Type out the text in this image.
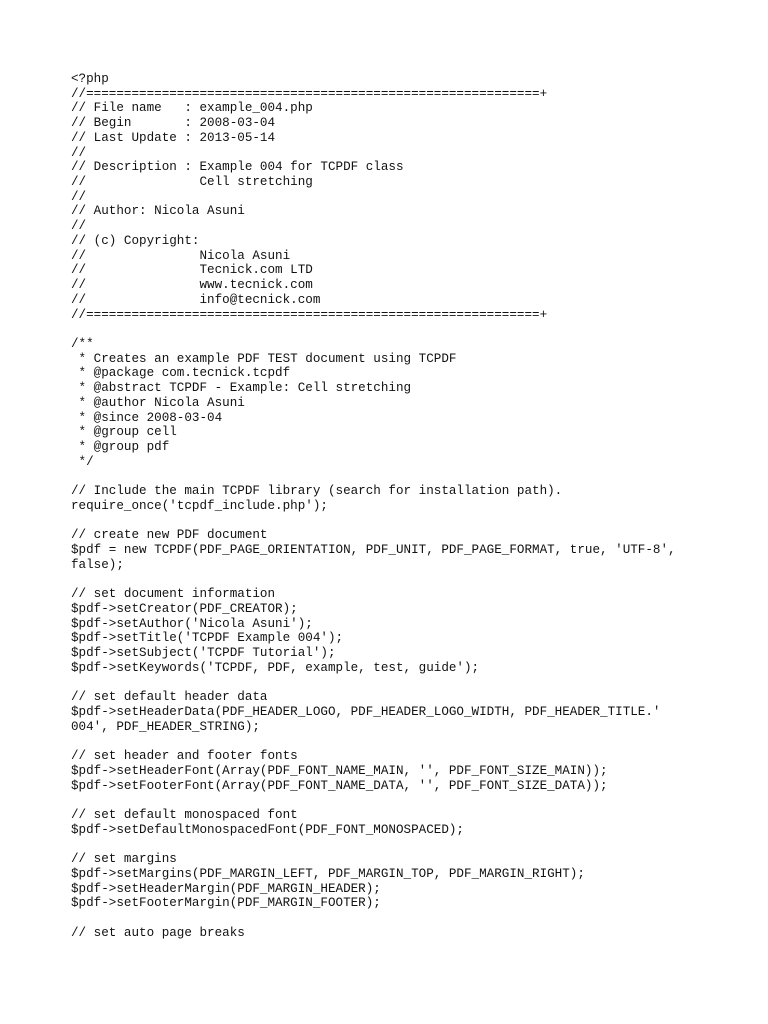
<?php
//============================================================+
// File name   : example_004.php
// Begin       : 2008-03-04
// Last Update : 2013-05-14
//
// Description : Example 004 for TCPDF class
//               Cell stretching
//
// Author: Nicola Asuni
//
// (c) Copyright:
//               Nicola Asuni
//               Tecnick.com LTD
//               www.tecnick.com
//               info@tecnick.com
//============================================================+
/**
* Creates an example PDF TEST document using TCPDF
* @package com.tecnick.tcpdf
* @abstract TCPDF - Example: Cell stretching
* @author Nicola Asuni
* @since 2008-03-04
* @group cell
* @group pdf
*/
// Include the main TCPDF library (search for installation path).
require_once('tcpdf_include.php');
// create new PDF document
$pdf = new TCPDF(PDF_PAGE_ORIENTATION, PDF_UNIT, PDF_PAGE_FORMAT, true, 'UTF-8',
false);
// set document information
$pdf->setCreator(PDF_CREATOR);
$pdf->setAuthor('Nicola Asuni');
$pdf->setTitle('TCPDF Example 004');
$pdf->setSubject('TCPDF Tutorial');
$pdf->setKeywords('TCPDF, PDF, example, test, guide');
// set default header data
$pdf->setHeaderData(PDF_HEADER_LOGO, PDF_HEADER_LOGO_WIDTH, PDF_HEADER_TITLE.'
004', PDF_HEADER_STRING);
// set header and footer fonts
$pdf->setHeaderFont(Array(PDF_FONT_NAME_MAIN, '', PDF_FONT_SIZE_MAIN));
$pdf->setFooterFont(Array(PDF_FONT_NAME_DATA, '', PDF_FONT_SIZE_DATA));
// set default monospaced font
$pdf->setDefaultMonospacedFont(PDF_FONT_MONOSPACED);
// set margins
$pdf->setMargins(PDF_MARGIN_LEFT, PDF_MARGIN_TOP, PDF_MARGIN_RIGHT);
$pdf->setHeaderMargin(PDF_MARGIN_HEADER);
$pdf->setFooterMargin(PDF_MARGIN_FOOTER);
// set auto page breaks
